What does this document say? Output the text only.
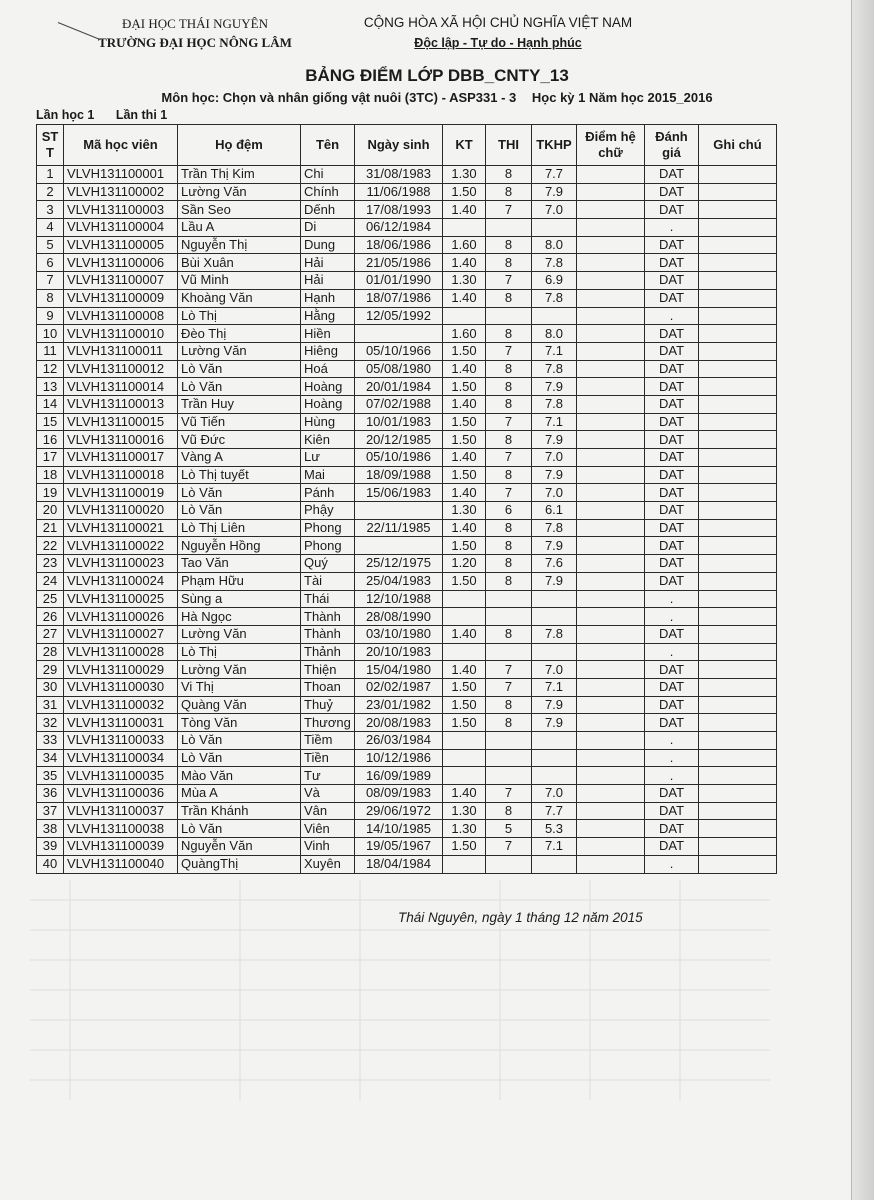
ĐẠI HỌC THÁI NGUYÊN
TRƯỜNG ĐẠI HỌC NÔNG LÂM
CỘNG HÒA XÃ HỘI CHỦ NGHĨA VIỆT NAM
Độc lập - Tự do - Hạnh phúc
BẢNG ĐIỂM LỚP DBB_CNTY_13
Môn học: Chọn và nhân giống vật nuôi (3TC) - ASP331 - 3 Học kỳ 1 Năm học 2015_2016
Lần học 1 Lần thi 1
ST T	Mã học viên	Họ đệm	Tên	Ngày sinh	KT	THI	TKHP	Điểm hệ chữ	Đánh giá	Ghi chú
1	VLVH131100001	Trần Thị Kim	Chi	31/08/1983	1.30	8	7.7		DAT	
2	VLVH131100002	Lường Văn	Chính	11/06/1988	1.50	8	7.9		DAT	
3	VLVH131100003	Sần Seo	Dếnh	17/08/1993	1.40	7	7.0		DAT	
4	VLVH131100004	Lầu A	Di	06/12/1984					.	
5	VLVH131100005	Nguyễn Thị	Dung	18/06/1986	1.60	8	8.0		DAT	
6	VLVH131100006	Bùi Xuân	Hải	21/05/1986	1.40	8	7.8		DAT	
7	VLVH131100007	Vũ Minh	Hải	01/01/1990	1.30	7	6.9		DAT	
8	VLVH131100009	Khoàng Văn	Hạnh	18/07/1986	1.40	8	7.8		DAT	
9	VLVH131100008	Lò Thị	Hằng	12/05/1992					.	
10	VLVH131100010	Đèo Thị	Hiền		1.60	8	8.0		DAT	
11	VLVH131100011	Lường Văn	Hiêng	05/10/1966	1.50	7	7.1		DAT	
12	VLVH131100012	Lò Văn	Hoá	05/08/1980	1.40	8	7.8		DAT	
13	VLVH131100014	Lò Văn	Hoàng	20/01/1984	1.50	8	7.9		DAT	
14	VLVH131100013	Trần Huy	Hoàng	07/02/1988	1.40	8	7.8		DAT	
15	VLVH131100015	Vũ Tiến	Hùng	10/01/1983	1.50	7	7.1		DAT	
16	VLVH131100016	Vũ Đức	Kiên	20/12/1985	1.50	8	7.9		DAT	
17	VLVH131100017	Vàng A	Lư	05/10/1986	1.40	7	7.0		DAT	
18	VLVH131100018	Lò Thị tuyết	Mai	18/09/1988	1.50	8	7.9		DAT	
19	VLVH131100019	Lò Văn	Pánh	15/06/1983	1.40	7	7.0		DAT	
20	VLVH131100020	Lò Văn	Phậy		1.30	6	6.1		DAT	
21	VLVH131100021	Lò Thị Liên	Phong	22/11/1985	1.40	8	7.8		DAT	
22	VLVH131100022	Nguyễn Hồng	Phong		1.50	8	7.9		DAT	
23	VLVH131100023	Tao Văn	Quý	25/12/1975	1.20	8	7.6		DAT	
24	VLVH131100024	Phạm Hữu	Tài	25/04/1983	1.50	8	7.9		DAT	
25	VLVH131100025	Sùng a	Thái	12/10/1988					.	
26	VLVH131100026	Hà Ngọc	Thành	28/08/1990					.	
27	VLVH131100027	Lường Văn	Thành	03/10/1980	1.40	8	7.8		DAT	
28	VLVH131100028	Lò Thị	Thảnh	20/10/1983					.	
29	VLVH131100029	Lường Văn	Thiện	15/04/1980	1.40	7	7.0		DAT	
30	VLVH131100030	Vi Thị	Thoan	02/02/1987	1.50	7	7.1		DAT	
31	VLVH131100032	Quàng Văn	Thuỷ	23/01/1982	1.50	8	7.9		DAT	
32	VLVH131100031	Tòng Văn	Thương	20/08/1983	1.50	8	7.9		DAT	
33	VLVH131100033	Lò Văn	Tiềm	26/03/1984					.	
34	VLVH131100034	Lò Văn	Tiền	10/12/1986					.	
35	VLVH131100035	Mào Văn	Tư	16/09/1989					.	
36	VLVH131100036	Mùa A	Và	08/09/1983	1.40	7	7.0		DAT	
37	VLVH131100037	Trần Khánh	Vân	29/06/1972	1.30	8	7.7		DAT	
38	VLVH131100038	Lò Văn	Viên	14/10/1985	1.30	5	5.3		DAT	
39	VLVH131100039	Nguyễn Văn	Vinh	19/05/1967	1.50	7	7.1		DAT	
40	VLVH131100040	QuàngThị	Xuyên	18/04/1984					.	
Thái Nguyên, ngày 1 tháng 12 năm 2015
